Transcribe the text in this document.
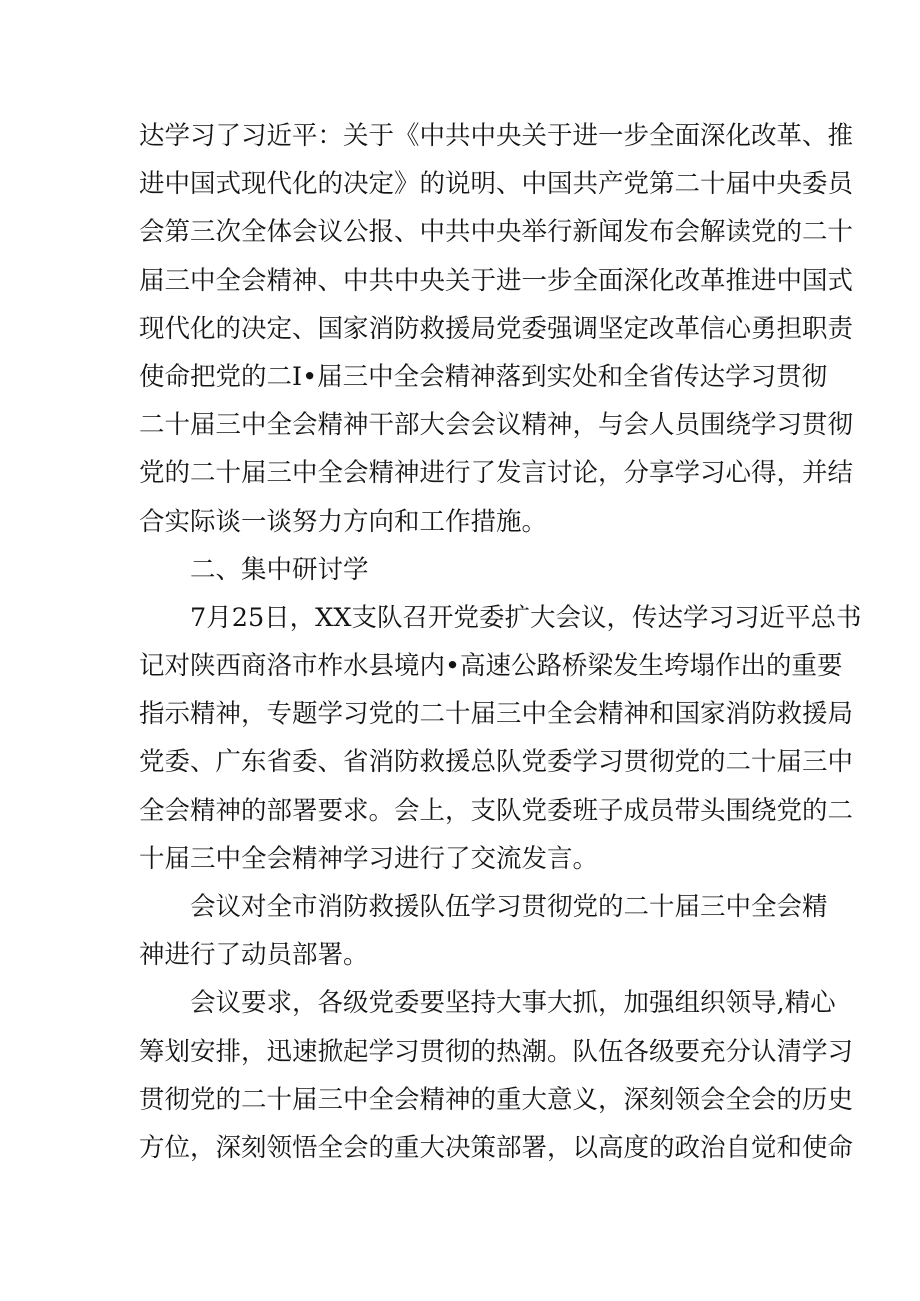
达学习了习近平：关于《中共中央关于进一步全面深化改革、推
进中国式现代化的决定》的说明、中国共产党第二十届中央委员
会第三次全体会议公报、中共中央举行新闻发布会解读党的二十
届三中全会精神、中共中央关于进一步全面深化改革推进中国式
现代化的决定、国家消防救援局党委强调坚定改革信心勇担职责
使命把党的二I•届三中全会精神落到实处和全省传达学习贯彻
二十届三中全会精神干部大会会议精神，与会人员围绕学习贯彻
党的二十届三中全会精神进行了发言讨论，分享学习心得，并结
合实际谈一谈努力方向和工作措施。
二、集中研讨学
7月25日，XX支队召开党委扩大会议，传达学习习近平总书
记对陕西商洛市柞水县境内•高速公路桥梁发生垮塌作出的重要
指示精神，专题学习党的二十届三中全会精神和国家消防救援局
党委、广东省委、省消防救援总队党委学习贯彻党的二十届三中
全会精神的部署要求。会上，支队党委班子成员带头围绕党的二
十届三中全会精神学习进行了交流发言。
会议对全市消防救援队伍学习贯彻党的二十届三中全会精
神进行了动员部署。
会议要求，各级党委要坚持大事大抓，加强组织领导,精心
筹划安排，迅速掀起学习贯彻的热潮。队伍各级要充分认清学习
贯彻党的二十届三中全会精神的重大意义，深刻领会全会的历史
方位，深刻领悟全会的重大决策部署，以高度的政治自觉和使命
